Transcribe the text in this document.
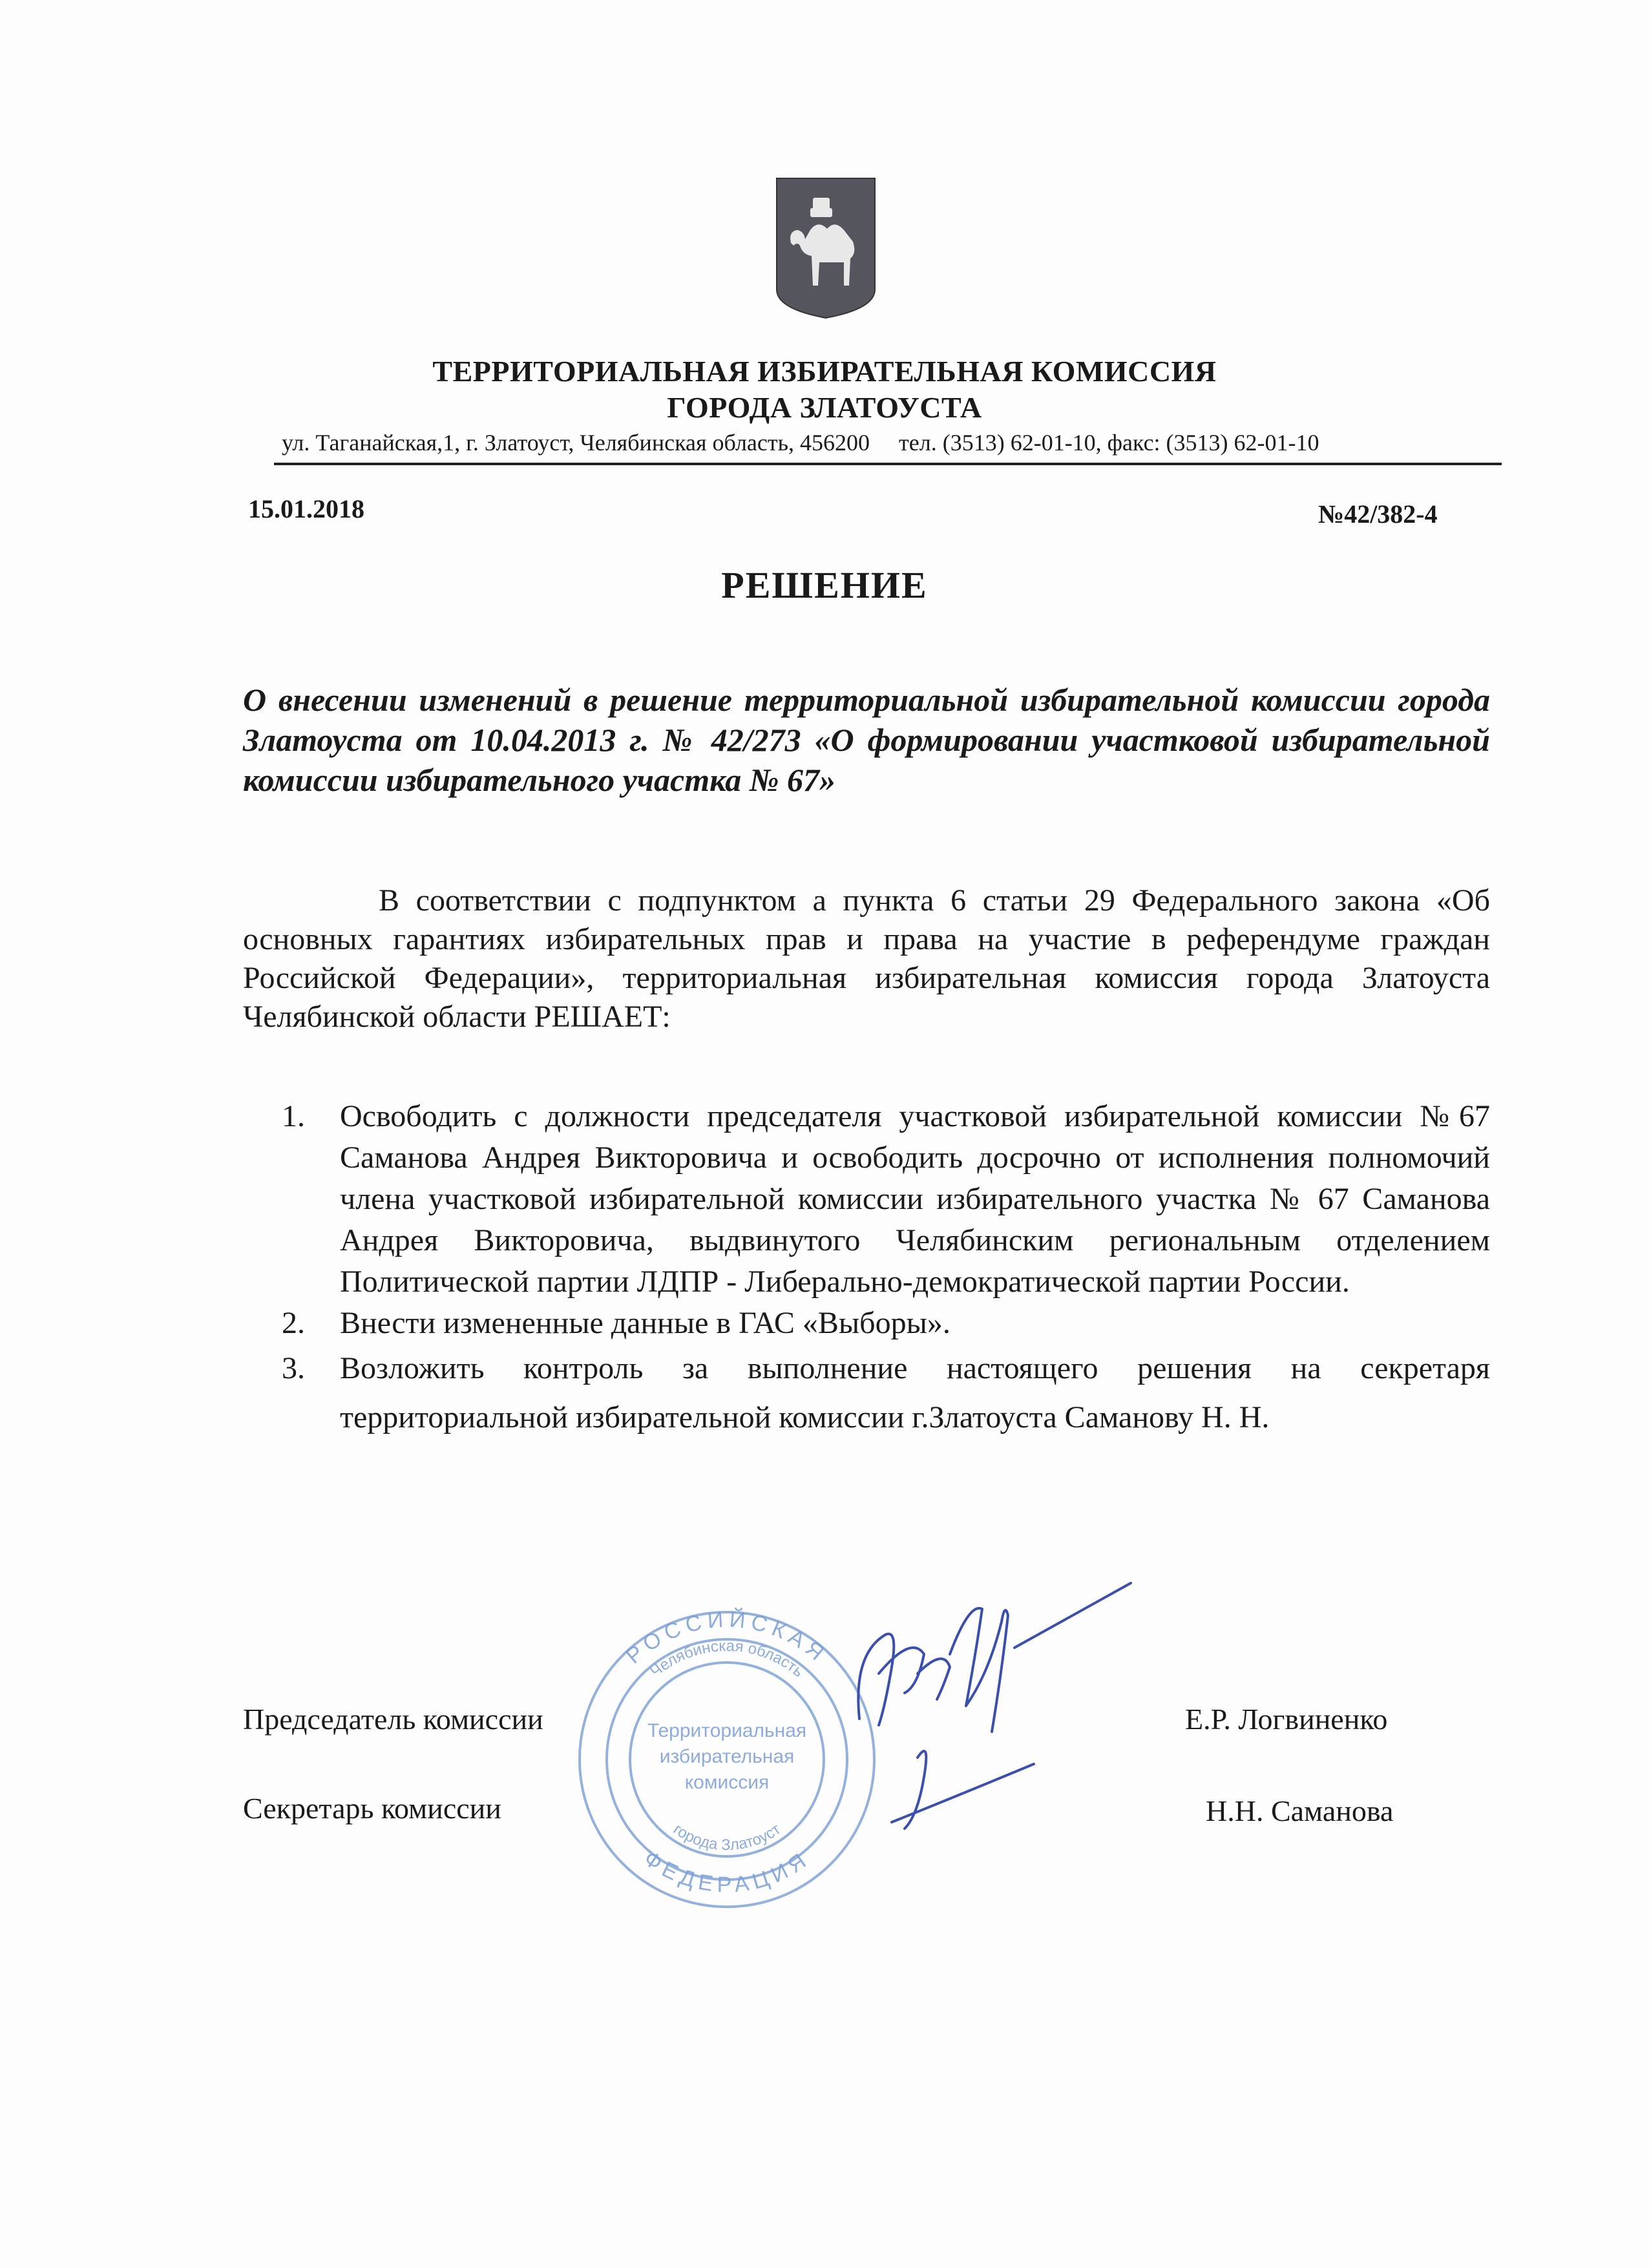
ТЕРРИТОРИАЛЬНАЯ ИЗБИРАТЕЛЬНАЯ КОМИССИЯ
ГОРОДА ЗЛАТОУСТА
ул. Таганайская,1, г. Златоуст, Челябинская область, 456200 тел. (3513) 62-01-10, факс: (3513) 62-01-10
15.01.2018	№42/382-4
РЕШЕНИЕ
О внесении изменений в решение территориальной избирательной комиссии города Златоуста от 10.04.2013 г. № 42/273 «О формировании участковой избирательной комиссии избирательного участка № 67»
В соответствии с подпунктом а пункта 6 статьи 29 Федерального закона «Об основных гарантиях избирательных прав и права на участие в референдуме граждан Российской Федерации», территориальная избирательная комиссия города Златоуста Челябинской области РЕШАЕТ:
1. Освободить с должности председателя участковой избирательной комиссии №67 Саманова Андрея Викторовича и освободить досрочно от исполнения полномочий члена участковой избирательной комиссии избирательного участка № 67 Саманова Андрея Викторовича, выдвинутого Челябинским региональным отделением Политической партии ЛДПР - Либерально-демократической партии России.
2. Внести измененные данные в ГАС «Выборы».
3. Возложить контроль за выполнение настоящего решения на секретаря территориальной избирательной комиссии г.Златоуста Саманову Н. Н.
РОССИЙСКАЯ
Челябинская область
ФЕДЕРАЦИЯ
города Златоуст
Территориальная
избирательная
комиссия
Председатель комиссии	Е.Р. Логвиненко
Секретарь комиссии	Н.Н. Саманова
